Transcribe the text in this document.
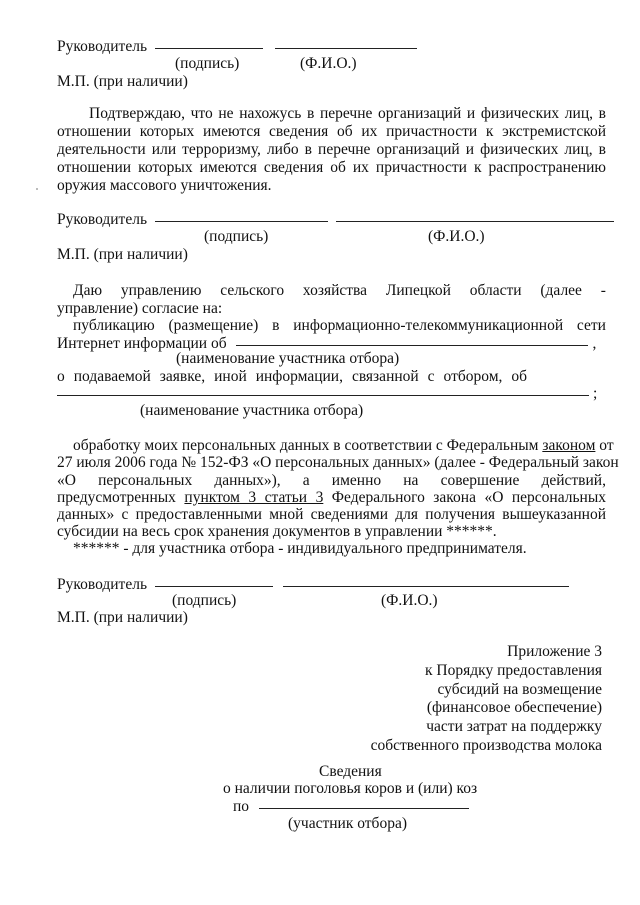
Руководитель
(подпись)	(Ф.И.О.)
М.П. (при наличии)
Подтверждаю, что не нахожусь в перечне организаций и физических лиц, в
отношении которых имеются сведения об их причастности к экстремистской
деятельности или терроризму, либо в перечне организаций и физических лиц, в
отношении которых имеются сведения об их причастности к распространению
оружия массового уничтожения.
Руководитель
(подпись)	(Ф.И.О.)
М.П. (при наличии)
Даю управлению сельского хозяйства Липецкой области (далее -
управление) согласие на:
публикацию (размещение) в информационно-телекоммуникационной сети
Интернет информации об	,
(наименование участника отбора)
о подаваемой заявке, иной информации, связанной с отбором, об
;
(наименование участника отбора)
обработку моих персональных данных в соответствии с Федеральным законом от
27 июля 2006 года № 152-ФЗ «О персональных данных» (далее - Федеральный закон
«О персональных данных»), а именно на совершение действий,
предусмотренных пунктом 3 статьи 3 Федерального закона «О персональных
данных» с предоставленными мной сведениями для получения вышеуказанной
субсидии на весь срок хранения документов в управлении ******.
****** - для участника отбора - индивидуального предпринимателя.
Руководитель
(подпись)	(Ф.И.О.)
М.П. (при наличии)
Приложение 3
к Порядку предоставления
субсидий на возмещение
(финансовое обеспечение)
части затрат на поддержку
собственного производства молока
Сведения
о наличии поголовья коров и (или) коз
по
(участник отбора)
